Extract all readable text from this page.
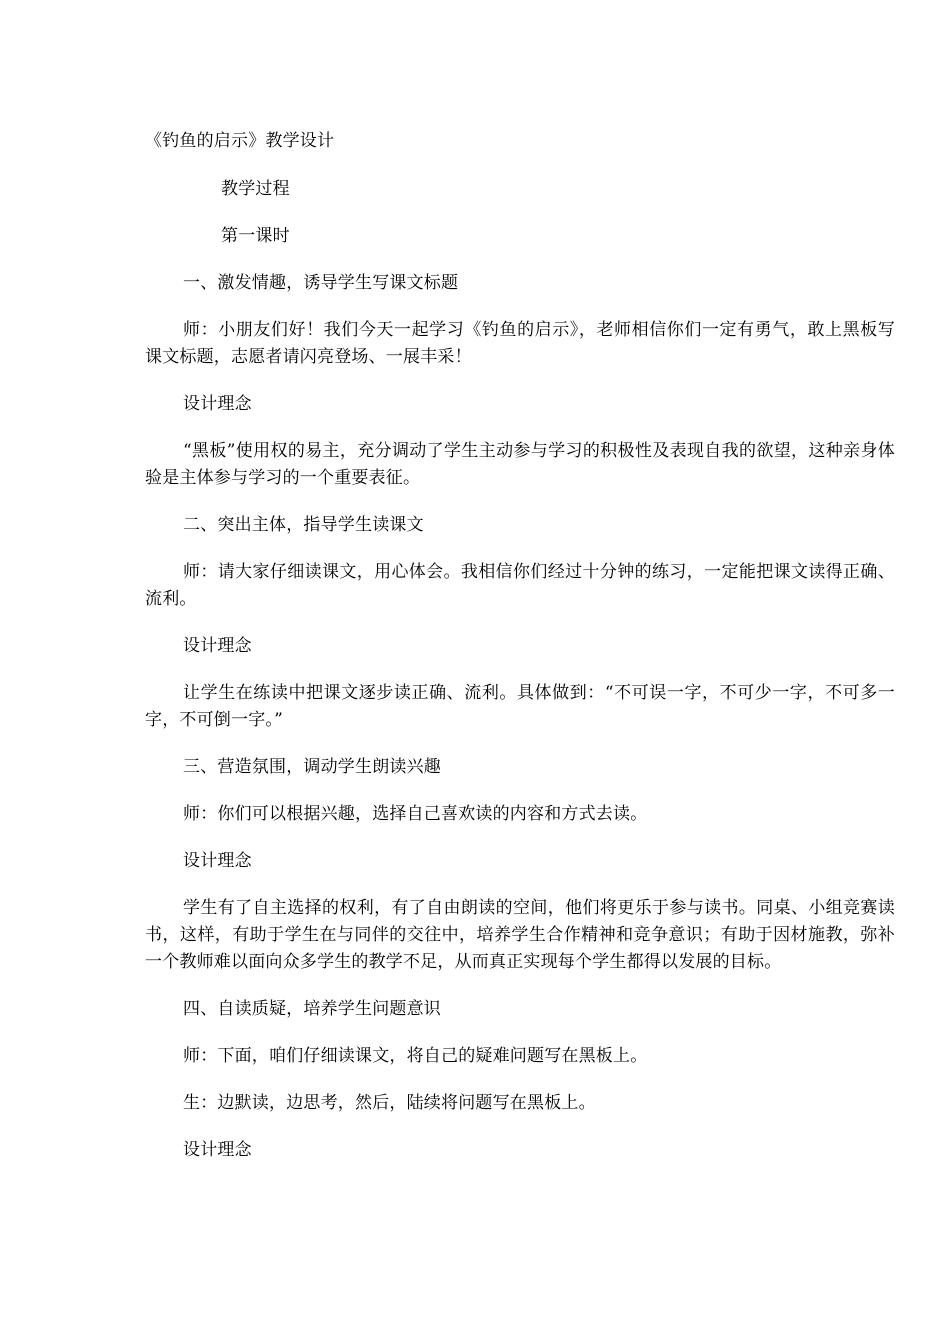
《钓鱼的启示》教学设计

教学过程

第一课时

一、激发情趣，诱导学生写课文标题

师：小朋友们好！我们今天一起学习《钓鱼的启示》，老师相信你们一定有勇气，敢上黑板写课文标题，志愿者请闪亮登场、一展丰采！

设计理念

“黑板”使用权的易主，充分调动了学生主动参与学习的积极性及表现自我的欲望，这种亲身体验是主体参与学习的一个重要表征。

二、突出主体，指导学生读课文

师：请大家仔细读课文，用心体会。我相信你们经过十分钟的练习，一定能把课文读得正确、流利。

设计理念

让学生在练读中把课文逐步读正确、流利。具体做到：“不可误一字，不可少一字，不可多一字，不可倒一字。”

三、营造氛围，调动学生朗读兴趣

师：你们可以根据兴趣，选择自己喜欢读的内容和方式去读。

设计理念

学生有了自主选择的权利，有了自由朗读的空间，他们将更乐于参与读书。同桌、小组竞赛读书，这样，有助于学生在与同伴的交往中，培养学生合作精神和竞争意识；有助于因材施教，弥补一个教师难以面向众多学生的教学不足，从而真正实现每个学生都得以发展的目标。

四、自读质疑，培养学生问题意识

师：下面，咱们仔细读课文，将自己的疑难问题写在黑板上。

生：边默读，边思考，然后，陆续将问题写在黑板上。

设计理念
